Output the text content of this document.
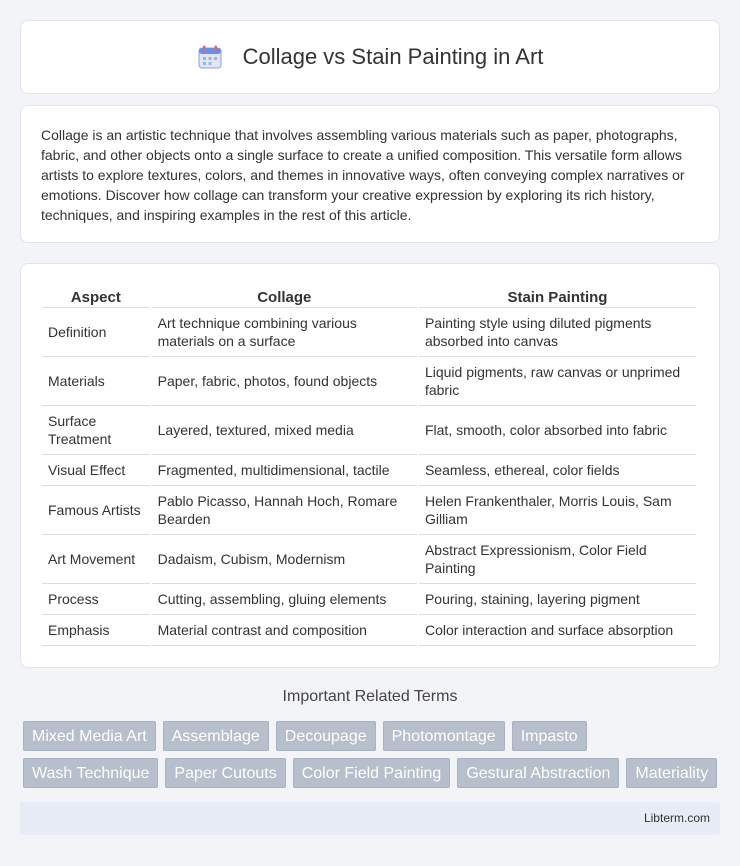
Collage vs Stain Painting in Art

Collage is an artistic technique that involves assembling various materials such as paper, photographs, fabric, and other objects onto a single surface to create a unified composition. This versatile form allows artists to explore textures, colors, and themes in innovative ways, often conveying complex narratives or emotions. Discover how collage can transform your creative expression by exploring its rich history, techniques, and inspiring examples in the rest of this article.

Aspect	Collage	Stain Painting
Definition	Art technique combining various materials on a surface	Painting style using diluted pigments absorbed into canvas
Materials	Paper, fabric, photos, found objects	Liquid pigments, raw canvas or unprimed fabric
Surface Treatment	Layered, textured, mixed media	Flat, smooth, color absorbed into fabric
Visual Effect	Fragmented, multidimensional, tactile	Seamless, ethereal, color fields
Famous Artists	Pablo Picasso, Hannah Hoch, Romare Bearden	Helen Frankenthaler, Morris Louis, Sam Gilliam
Art Movement	Dadaism, Cubism, Modernism	Abstract Expressionism, Color Field Painting
Process	Cutting, assembling, gluing elements	Pouring, staining, layering pigment
Emphasis	Material contrast and composition	Color interaction and surface absorption
Important Related Terms
Mixed Media Art	Assemblage	Decoupage	Photomontage	Impasto
Wash Technique	Paper Cutouts	Color Field Painting	Gestural Abstraction	Materiality
Libterm.com
